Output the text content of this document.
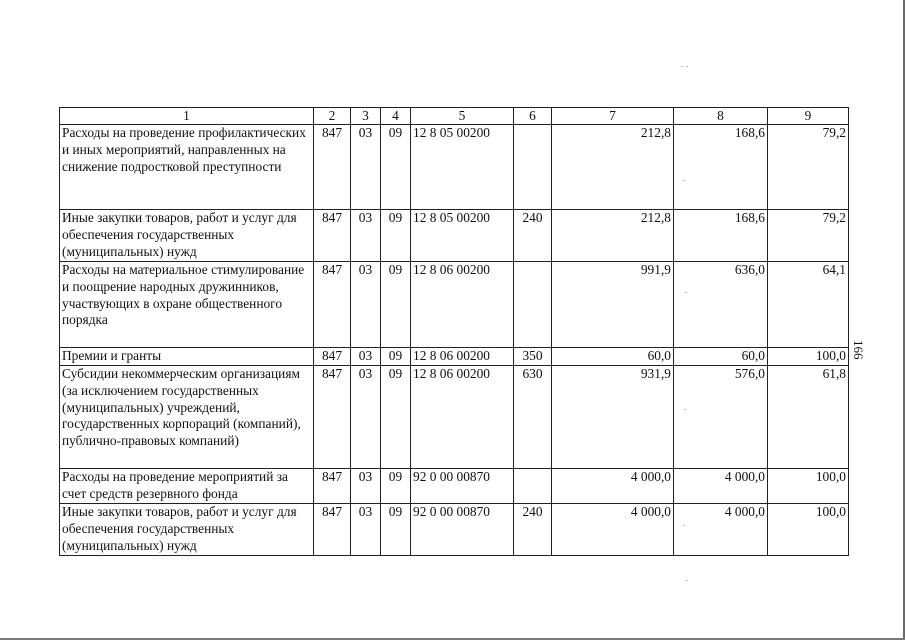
1	2	3	4	5	6	7	8	9
Расходы на проведение профилактических и иных мероприятий, направленных на снижение подростковой преступности	847	03	09	12 8 05 00200		212,8	168,6	79,2
Иные закупки товаров, работ и услуг для обеспечения государственных (муниципальных) нужд	847	03	09	12 8 05 00200	240	212,8	168,6	79,2
Расходы на материальное стимулирование и поощрение народных дружинников, участвующих в охране общественного порядка	847	03	09	12 8 06 00200		991,9	636,0	64,1
Премии и гранты	847	03	09	12 8 06 00200	350	60,0	60,0	100,0
Субсидии некоммерческим организациям (за исключением государственных (муниципальных) учреждений, государственных корпораций (компаний), публично-правовых компаний)	847	03	09	12 8 06 00200	630	931,9	576,0	61,8
Расходы на проведение мероприятий за счет средств резервного фонда	847	03	09	92 0 00 00870		4 000,0	4 000,0	100,0
Иные закупки товаров, работ и услуг для обеспечения государственных (муниципальных) нужд	847	03	09	92 0 00 00870	240	4 000,0	4 000,0	100,0
166
